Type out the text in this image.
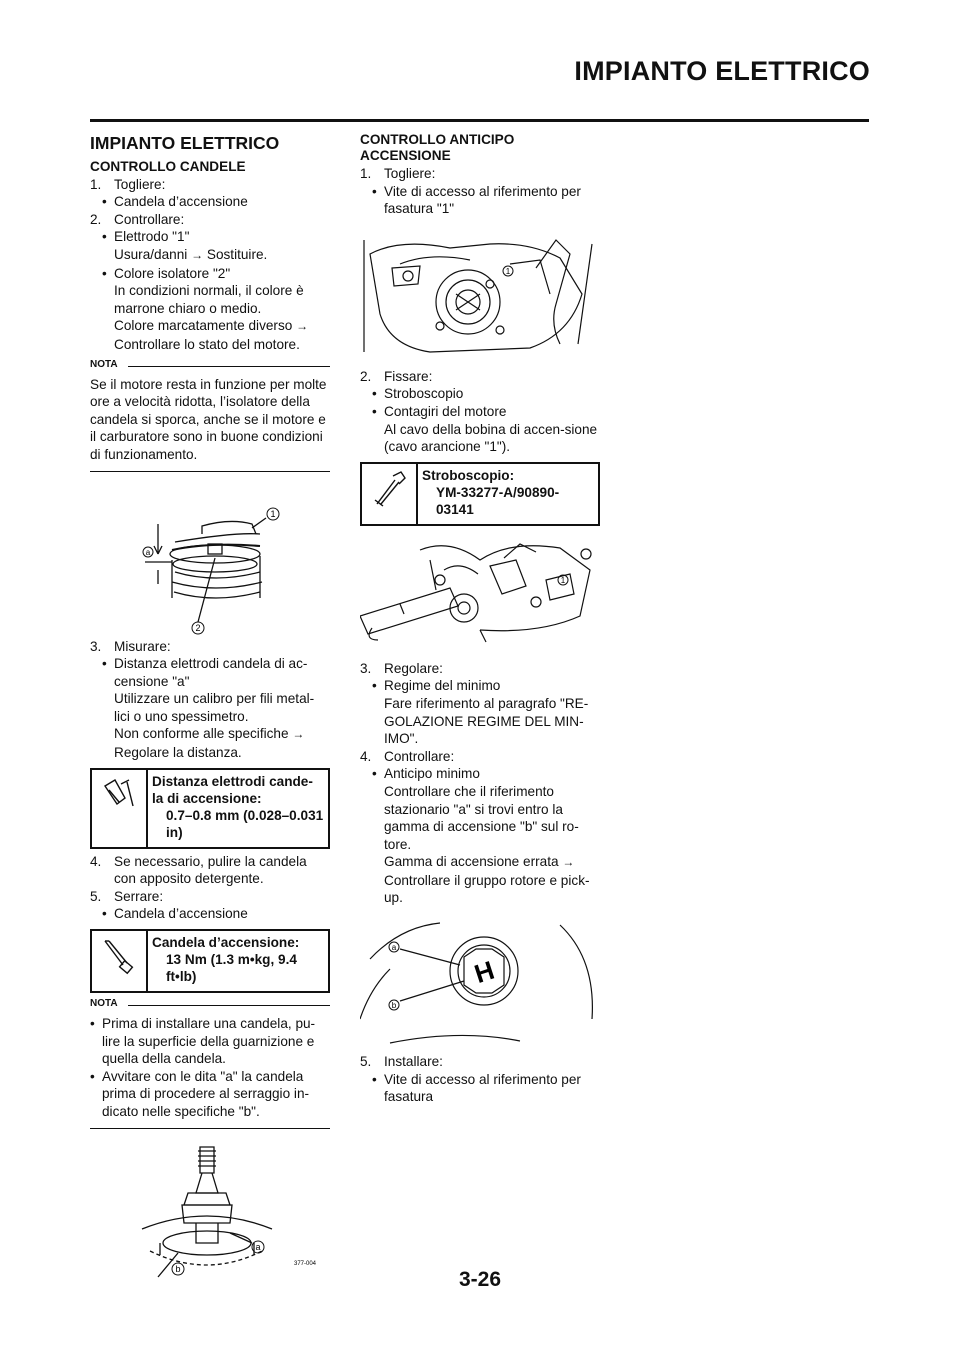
IMPIANTO ELETTRICO
IMPIANTO ELETTRICO
CONTROLLO CANDELE

1. Togliere:

• Candela d’accensione

2. Controllare:

• Elettrodo "1"

Usura/danni → Sostituire.

• Colore isolatore "2"

In condizioni normali, il colore è marrone chiaro o medio.

Colore marcatamente diverso →

Controllare lo stato del motore.

NOTA

Se il motore resta in funzione per molte ore a velocità ridotta, l’isolatore della candela si sporca, anche se il motore e il carburatore sono in buone condizioni di funzionamento.

a
1
2

3. Misurare:

• Distanza elettrodi candela di ac-censione "a"

Utilizzare un calibro per fili metal-lici o uno spessimetro.

Non conforme alle specifiche →

Regolare la distanza.

Distanza elettrodi cande-la di accensione:
0.7–0.8 mm (0.028–0.031 in)

4. Se necessario, pulire la candela con apposito detergente.

5. Serrare:

• Candela d’accensione

Candela d’accensione:
13 Nm (1.3 m•kg, 9.4 ft•lb)
NOTA

• Prima di installare una candela, pu-lire la superficie della guarnizione e quella della candela.

• Avvitare con le dita "a" la candela prima di procedere al serraggio in-dicato nelle specifiche "b".

a
b	377-004
CONTROLLO ANTICIPO ACCENSIONE

1. Togliere:

• Vite di accesso al riferimento per fasatura "1"

1

2. Fissare:

• Stroboscopio

• Contagiri del motore

Al cavo della bobina di accen-sione (cavo arancione "1").

Stroboscopio:
YM-33277-A/90890-03141
1

3. Regolare:

• Regime del minimo

Fare riferimento al paragrafo "RE-GOLAZIONE REGIME DEL MIN-IMO".

4. Controllare:

• Anticipo minimo

Controllare che il riferimento stazionario "a" si trovi entro la gamma di accensione "b" sul ro-tore.

Gamma di accensione errata →

Controllare il gruppo rotore e pick-up.

H
a
b

5. Installare:

• Vite di accesso al riferimento per fasatura

3-26
